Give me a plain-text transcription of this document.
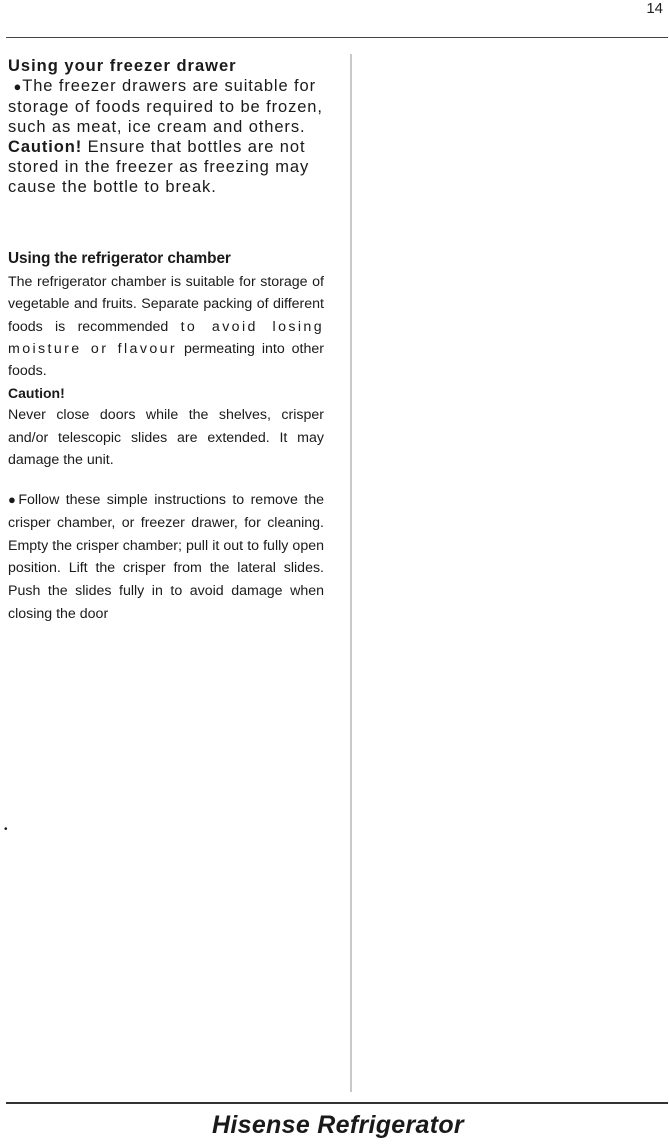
14
Using your freezer drawer

●The freezer drawers are suitable for storage of foods required to be frozen, such as meat, ice cream and others.

Caution! Ensure that bottles are not stored in the freezer as freezing may cause the bottle to break.

Using the refrigerator chamber

The refrigerator chamber is suitable for storage of vegetable and fruits. Separate packing of different foods is recommended to avoid losing moisture or flavour permeating into other foods.

Caution!

Never close doors while the shelves, crisper and/or telescopic slides are extended. It may damage the unit.

●Follow these simple instructions to remove the crisper chamber, or freezer drawer, for cleaning. Empty the crisper chamber; pull it out to fully open position. Lift the crisper from the lateral slides. Push the slides fully in to avoid damage when closing the door

•
Hisense Refrigerator
